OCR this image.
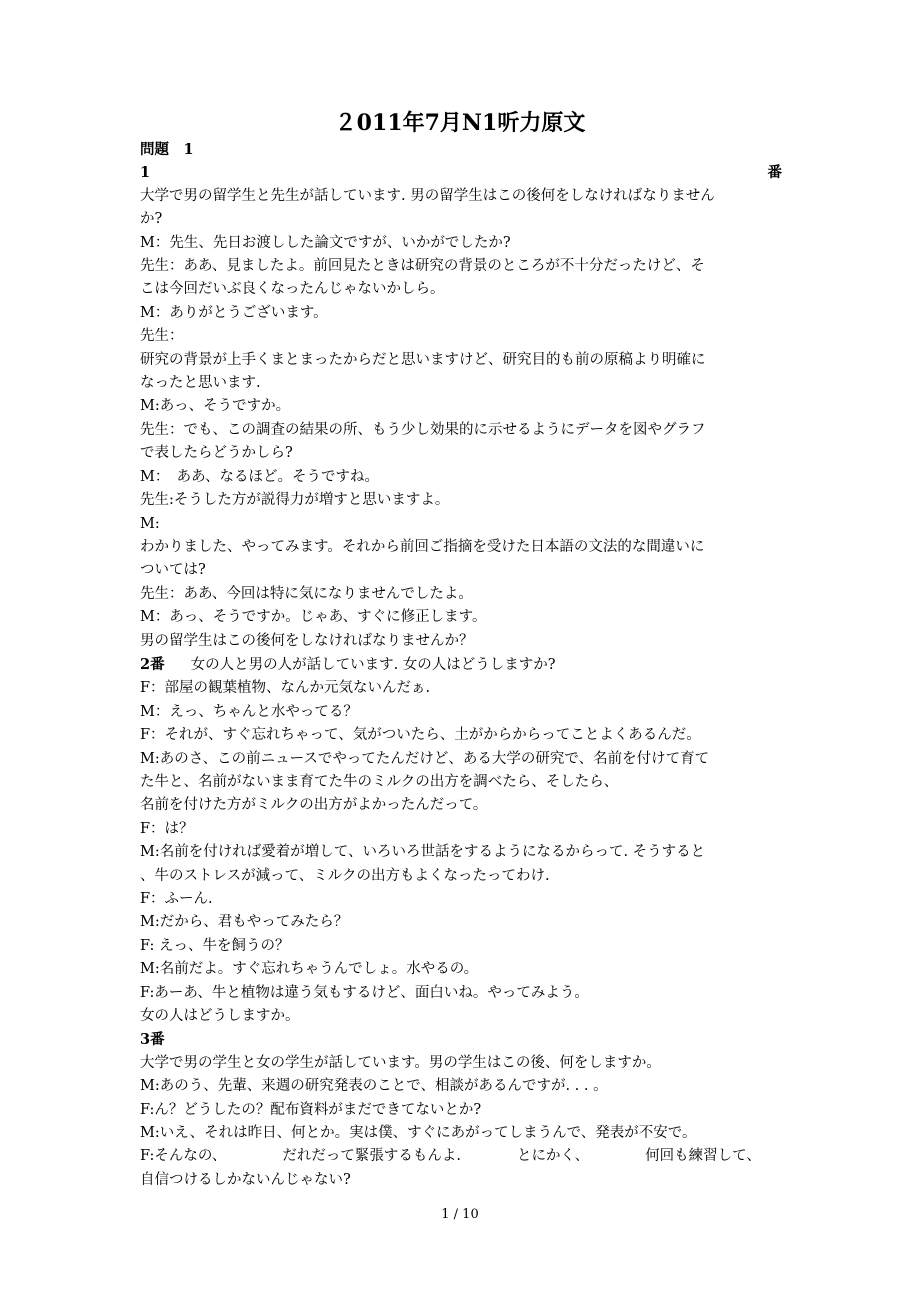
２011年7月N1听力原文
問題　1
1	番
大学で男の留学生と先生が話しています. 男の留学生はこの後何をしなければなりません
か?
M：先生、先日お渡しした論文ですが、いかがでしたか?
先生：ああ、見ましたよ。前回見たときは研究の背景のところが不十分だったけど、そ
こは今回だいぶ良くなったんじゃないかしら。
M：ありがとうございます。
先生：
研究の背景が上手くまとまったからだと思いますけど、研究目的も前の原稿より明確に
なったと思います.
M:あっ、そうですか。
先生：でも、この調査の結果の所、もう少し効果的に示せるようにデータを図やグラフ
で表したらどうかしら?
M：　ああ、なるほど。そうですね。
先生:そうした方が説得力が増すと思いますよ。
M:
わかりました、やってみます。それから前回ご指摘を受けた日本語の文法的な間違いに
ついては?
先生：ああ、今回は特に気になりませんでしたよ。
M：あっ、そうですか。じゃあ、すぐに修正します。
男の留学生はこの後何をしなければなりませんか？
2番 女の人と男の人が話しています. 女の人はどうしますか?
F：部屋の観葉植物、なんか元気ないんだぁ.
M：えっ、ちゃんと水やってる？
F：それが、すぐ忘れちゃって、気がついたら、土がからからってことよくあるんだ。
M:あのさ、この前ニュースでやってたんだけど、ある大学の研究で、名前を付けて育て
た牛と、名前がないまま育てた牛のミルクの出方を調べたら、そしたら、
名前を付けた方がミルクの出方がよかったんだって。
F：は？
M:名前を付ければ愛着が増して、いろいろ世話をするようになるからって. そうすると
、牛のストレスが減って、ミルクの出方もよくなったってわけ.
F：ふーん.
M:だから、君もやってみたら？
F: えっ、牛を飼うの？
M:名前だよ。すぐ忘れちゃうんでしょ。水やるの。
F:あーあ、牛と植物は違う気もするけど、面白いね。やってみよう。
女の人はどうしますか。
3番
大学で男の学生と女の学生が話しています。男の学生はこの後、何をしますか。
M:あのう、先輩、来週の研究発表のことで、相談があるんですが. . . 。
F:ん？どうしたの？配布資料がまだできてないとか?
M:いえ、それは昨日、何とか。実は僕、すぐにあがってしまうんで、発表が不安で。
F:そんなの、	だれだって緊張するもんよ.	とにかく、	何回も練習して、
自信つけるしかないんじゃない?
1 / 10
